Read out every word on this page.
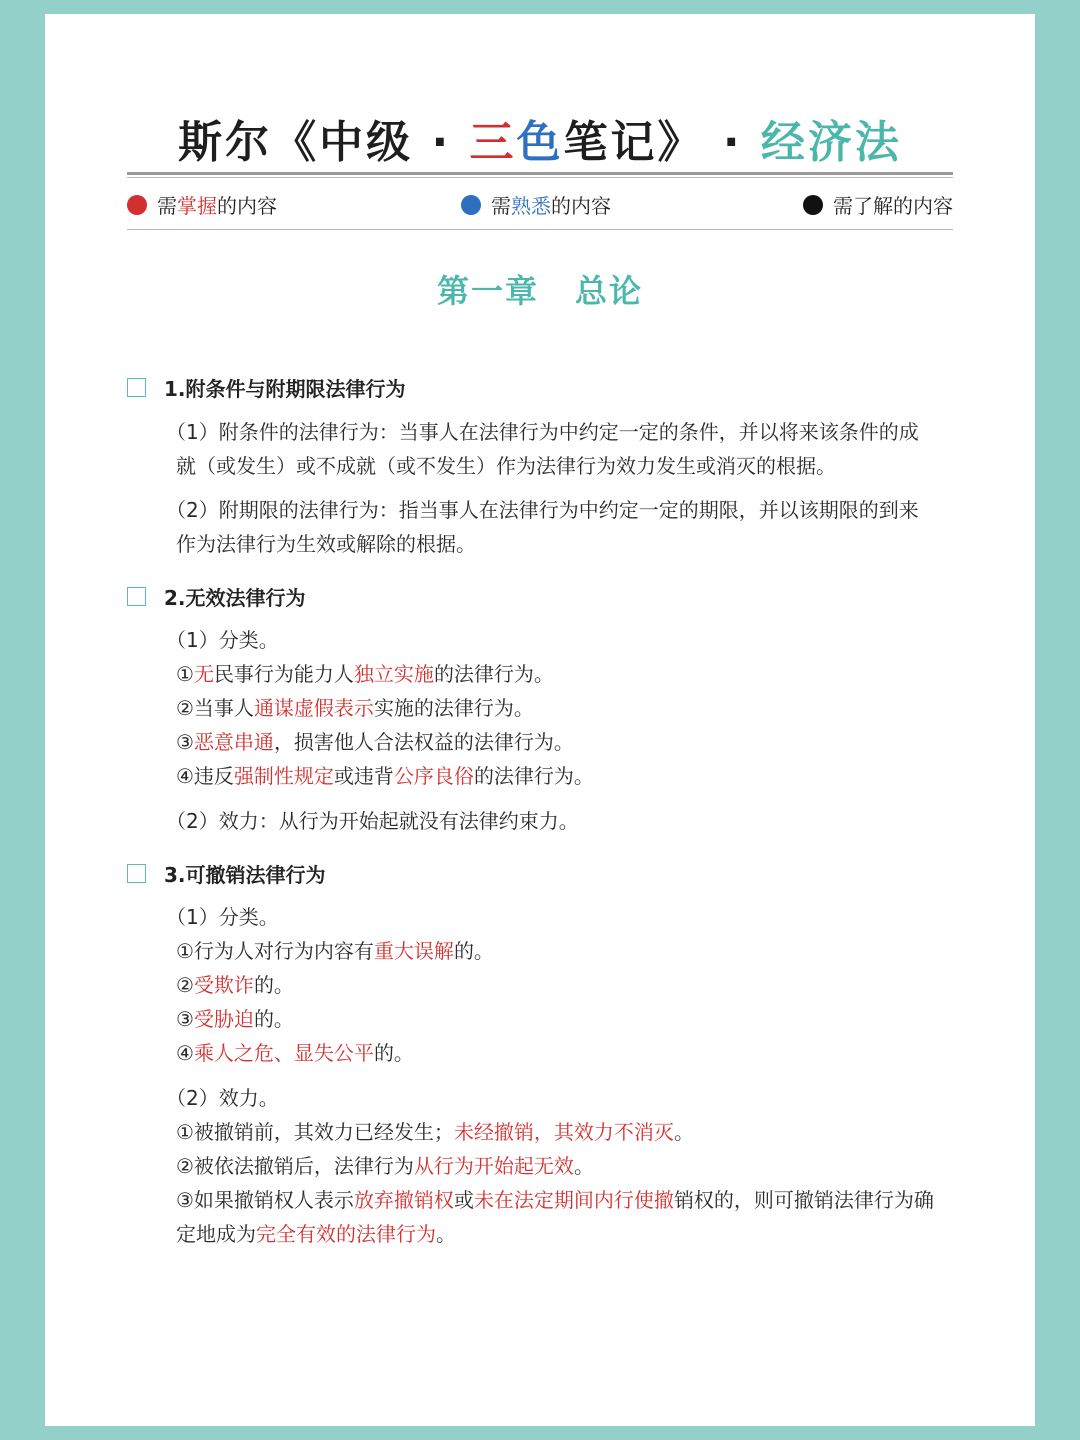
斯尔《中级 · 三色笔记》 · 经济法
需 掌握 的内容	需 熟悉 的内容	需 了解的内容
第一章 总论
1.附条件与附期限法律行为
（1）附条件的法律行为：当事人在法律行为中约定一定的条件，并以将来该条件的成
就（或发生）或不成就（或不发生）作为法律行为效力发生或消灭的根据。
（2）附期限的法律行为：指当事人在法律行为中约定一定的期限，并以该期限的到来
作为法律行为生效或解除的根据。
2.无效法律行为
（1）分类。
①无民事行为能力人独立实施的法律行为。
②当事人通谋虚假表示实施的法律行为。
③恶意串通，损害他人合法权益的法律行为。
④违反强制性规定或违背公序良俗的法律行为。
（2）效力：从行为开始起就没有法律约束力。
3.可撤销法律行为
（1）分类。
①行为人对行为内容有重大误解的。
②受欺诈的。
③受胁迫的。
④乘人之危、显失公平的。
（2）效力。
①被撤销前，其效力已经发生；未经撤销，其效力不消灭。
②被依法撤销后，法律行为从行为开始起无效。
③如果撤销权人表示放弃撤销权或未在法定期间内行使撤销权的，则可撤销法律行为确
定地成为完全有效的法律行为。
